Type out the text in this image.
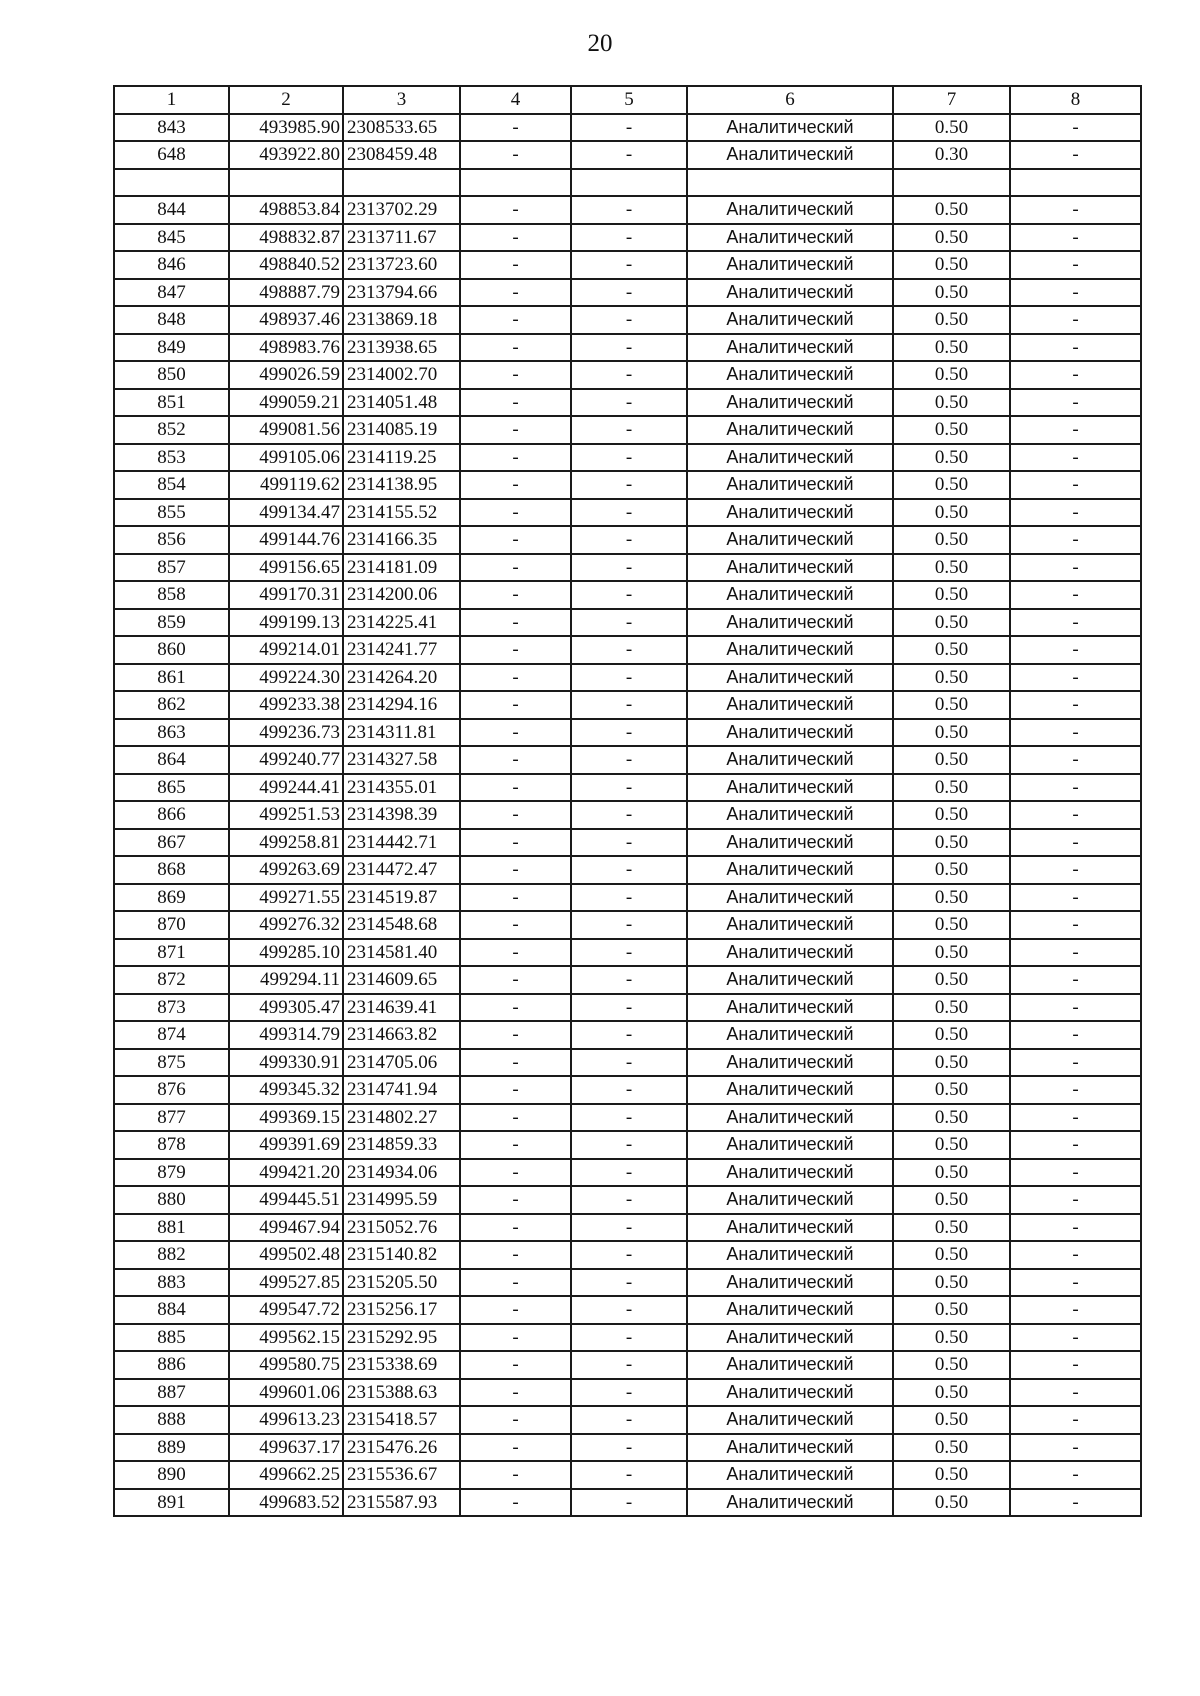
20
1	2	3	4	5	6	7	8
843	493985.90	2308533.65	-	-	Аналитический	0.50	-
648	493922.80	2308459.48	-	-	Аналитический	0.30	-

844	498853.84	2313702.29	-	-	Аналитический	0.50	-
845	498832.87	2313711.67	-	-	Аналитический	0.50	-
846	498840.52	2313723.60	-	-	Аналитический	0.50	-
847	498887.79	2313794.66	-	-	Аналитический	0.50	-
848	498937.46	2313869.18	-	-	Аналитический	0.50	-
849	498983.76	2313938.65	-	-	Аналитический	0.50	-
850	499026.59	2314002.70	-	-	Аналитический	0.50	-
851	499059.21	2314051.48	-	-	Аналитический	0.50	-
852	499081.56	2314085.19	-	-	Аналитический	0.50	-
853	499105.06	2314119.25	-	-	Аналитический	0.50	-
854	499119.62	2314138.95	-	-	Аналитический	0.50	-
855	499134.47	2314155.52	-	-	Аналитический	0.50	-
856	499144.76	2314166.35	-	-	Аналитический	0.50	-
857	499156.65	2314181.09	-	-	Аналитический	0.50	-
858	499170.31	2314200.06	-	-	Аналитический	0.50	-
859	499199.13	2314225.41	-	-	Аналитический	0.50	-
860	499214.01	2314241.77	-	-	Аналитический	0.50	-
861	499224.30	2314264.20	-	-	Аналитический	0.50	-
862	499233.38	2314294.16	-	-	Аналитический	0.50	-
863	499236.73	2314311.81	-	-	Аналитический	0.50	-
864	499240.77	2314327.58	-	-	Аналитический	0.50	-
865	499244.41	2314355.01	-	-	Аналитический	0.50	-
866	499251.53	2314398.39	-	-	Аналитический	0.50	-
867	499258.81	2314442.71	-	-	Аналитический	0.50	-
868	499263.69	2314472.47	-	-	Аналитический	0.50	-
869	499271.55	2314519.87	-	-	Аналитический	0.50	-
870	499276.32	2314548.68	-	-	Аналитический	0.50	-
871	499285.10	2314581.40	-	-	Аналитический	0.50	-
872	499294.11	2314609.65	-	-	Аналитический	0.50	-
873	499305.47	2314639.41	-	-	Аналитический	0.50	-
874	499314.79	2314663.82	-	-	Аналитический	0.50	-
875	499330.91	2314705.06	-	-	Аналитический	0.50	-
876	499345.32	2314741.94	-	-	Аналитический	0.50	-
877	499369.15	2314802.27	-	-	Аналитический	0.50	-
878	499391.69	2314859.33	-	-	Аналитический	0.50	-
879	499421.20	2314934.06	-	-	Аналитический	0.50	-
880	499445.51	2314995.59	-	-	Аналитический	0.50	-
881	499467.94	2315052.76	-	-	Аналитический	0.50	-
882	499502.48	2315140.82	-	-	Аналитический	0.50	-
883	499527.85	2315205.50	-	-	Аналитический	0.50	-
884	499547.72	2315256.17	-	-	Аналитический	0.50	-
885	499562.15	2315292.95	-	-	Аналитический	0.50	-
886	499580.75	2315338.69	-	-	Аналитический	0.50	-
887	499601.06	2315388.63	-	-	Аналитический	0.50	-
888	499613.23	2315418.57	-	-	Аналитический	0.50	-
889	499637.17	2315476.26	-	-	Аналитический	0.50	-
890	499662.25	2315536.67	-	-	Аналитический	0.50	-
891	499683.52	2315587.93	-	-	Аналитический	0.50	-
